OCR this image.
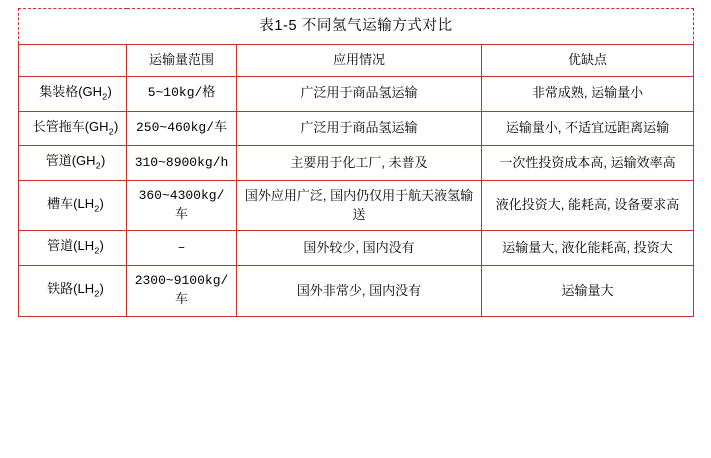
表1-5 不同氢气运输方式对比			
	运输量范围	应用情况	优缺点
集装格$(GH_2)$	5~10kg/格	广泛用于商品氢运输	非常成熟, 运输量小
长管拖车$(GH_2)$	250~460kg/车	广泛用于商品氢运输	运输量小, 不适宜远距离运输
管道$(GH_2)$	310~8900kg/h	主要用于化工厂, 未普及	一次性投资成本高, 运输效率高
槽车$(LH_2)$	360~4300kg/车	国外应用广泛, 国内仍仅用于航天液氢输送	液化投资大, 能耗高, 设备要求高
管道$(LH_2)$	–	国外较少, 国内没有	运输量大, 液化能耗高, 投资大
铁路$(LH_2)$	2300~9100kg/车	国外非常少, 国内没有	运输量大
